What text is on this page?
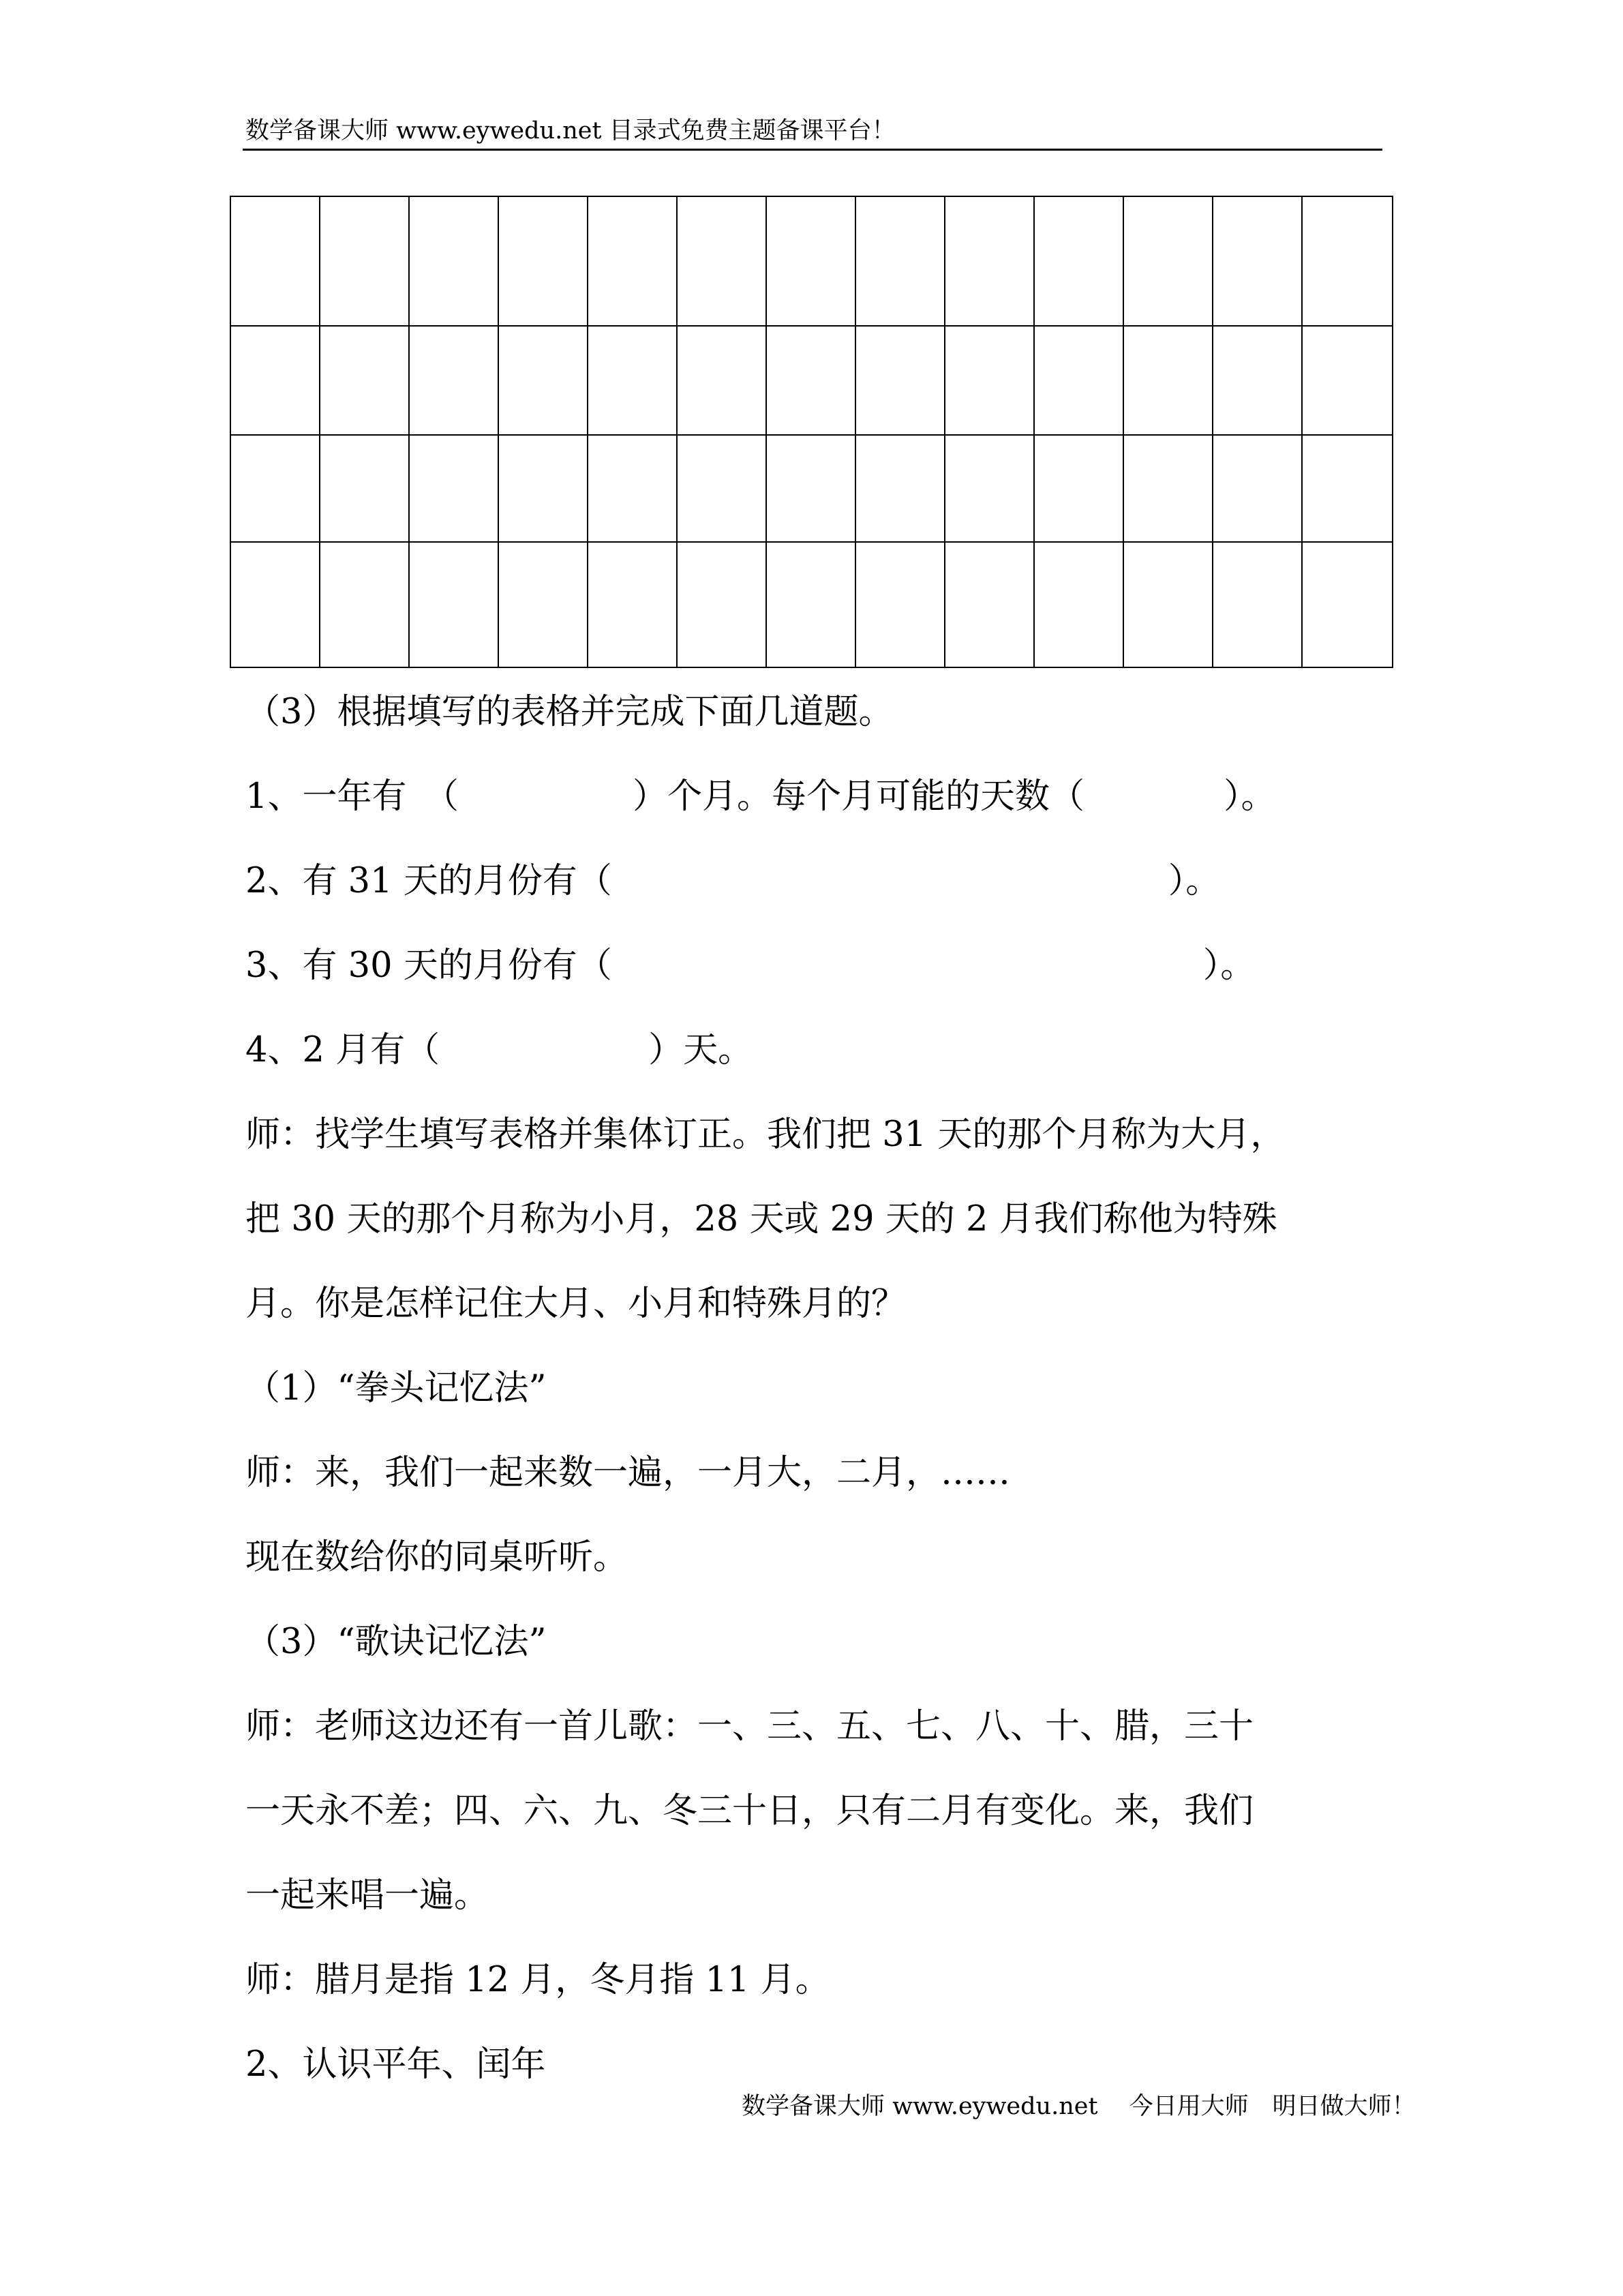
数学备课大师 www.eywedu.net 目录式免费主题备课平台！

（3）根据填写的表格并完成下面几道题。
1、一年有　（　　　　　）个月。每个月可能的天数（　　　　）。
2、有 31 天的月份有（　　　　　　　　　　　　　　　　）。
3、有 30 天的月份有（　　　　　　　　　　　　　　　　　）。
4、2 月有（　　　　　　）天。
师：找学生填写表格并集体订正。我们把 31 天的那个月称为大月，
把 30 天的那个月称为小月，28 天或 29 天的 2 月我们称他为特殊
月。你是怎样记住大月、小月和特殊月的？
（1）“拳头记忆法”
师：来，我们一起来数一遍，一月大，二月，……
现在数给你的同桌听听。
（3）“歌诀记忆法”
师：老师这边还有一首儿歌：一、三、五、七、八、十、腊，三十
一天永不差；四、六、九、冬三十日，只有二月有变化。来，我们
一起来唱一遍。
师：腊月是指 12 月，冬月指 11 月。
2、认识平年、闰年
数学备课大师 www.eywedu.net　 今日用大师　明日做大师！
